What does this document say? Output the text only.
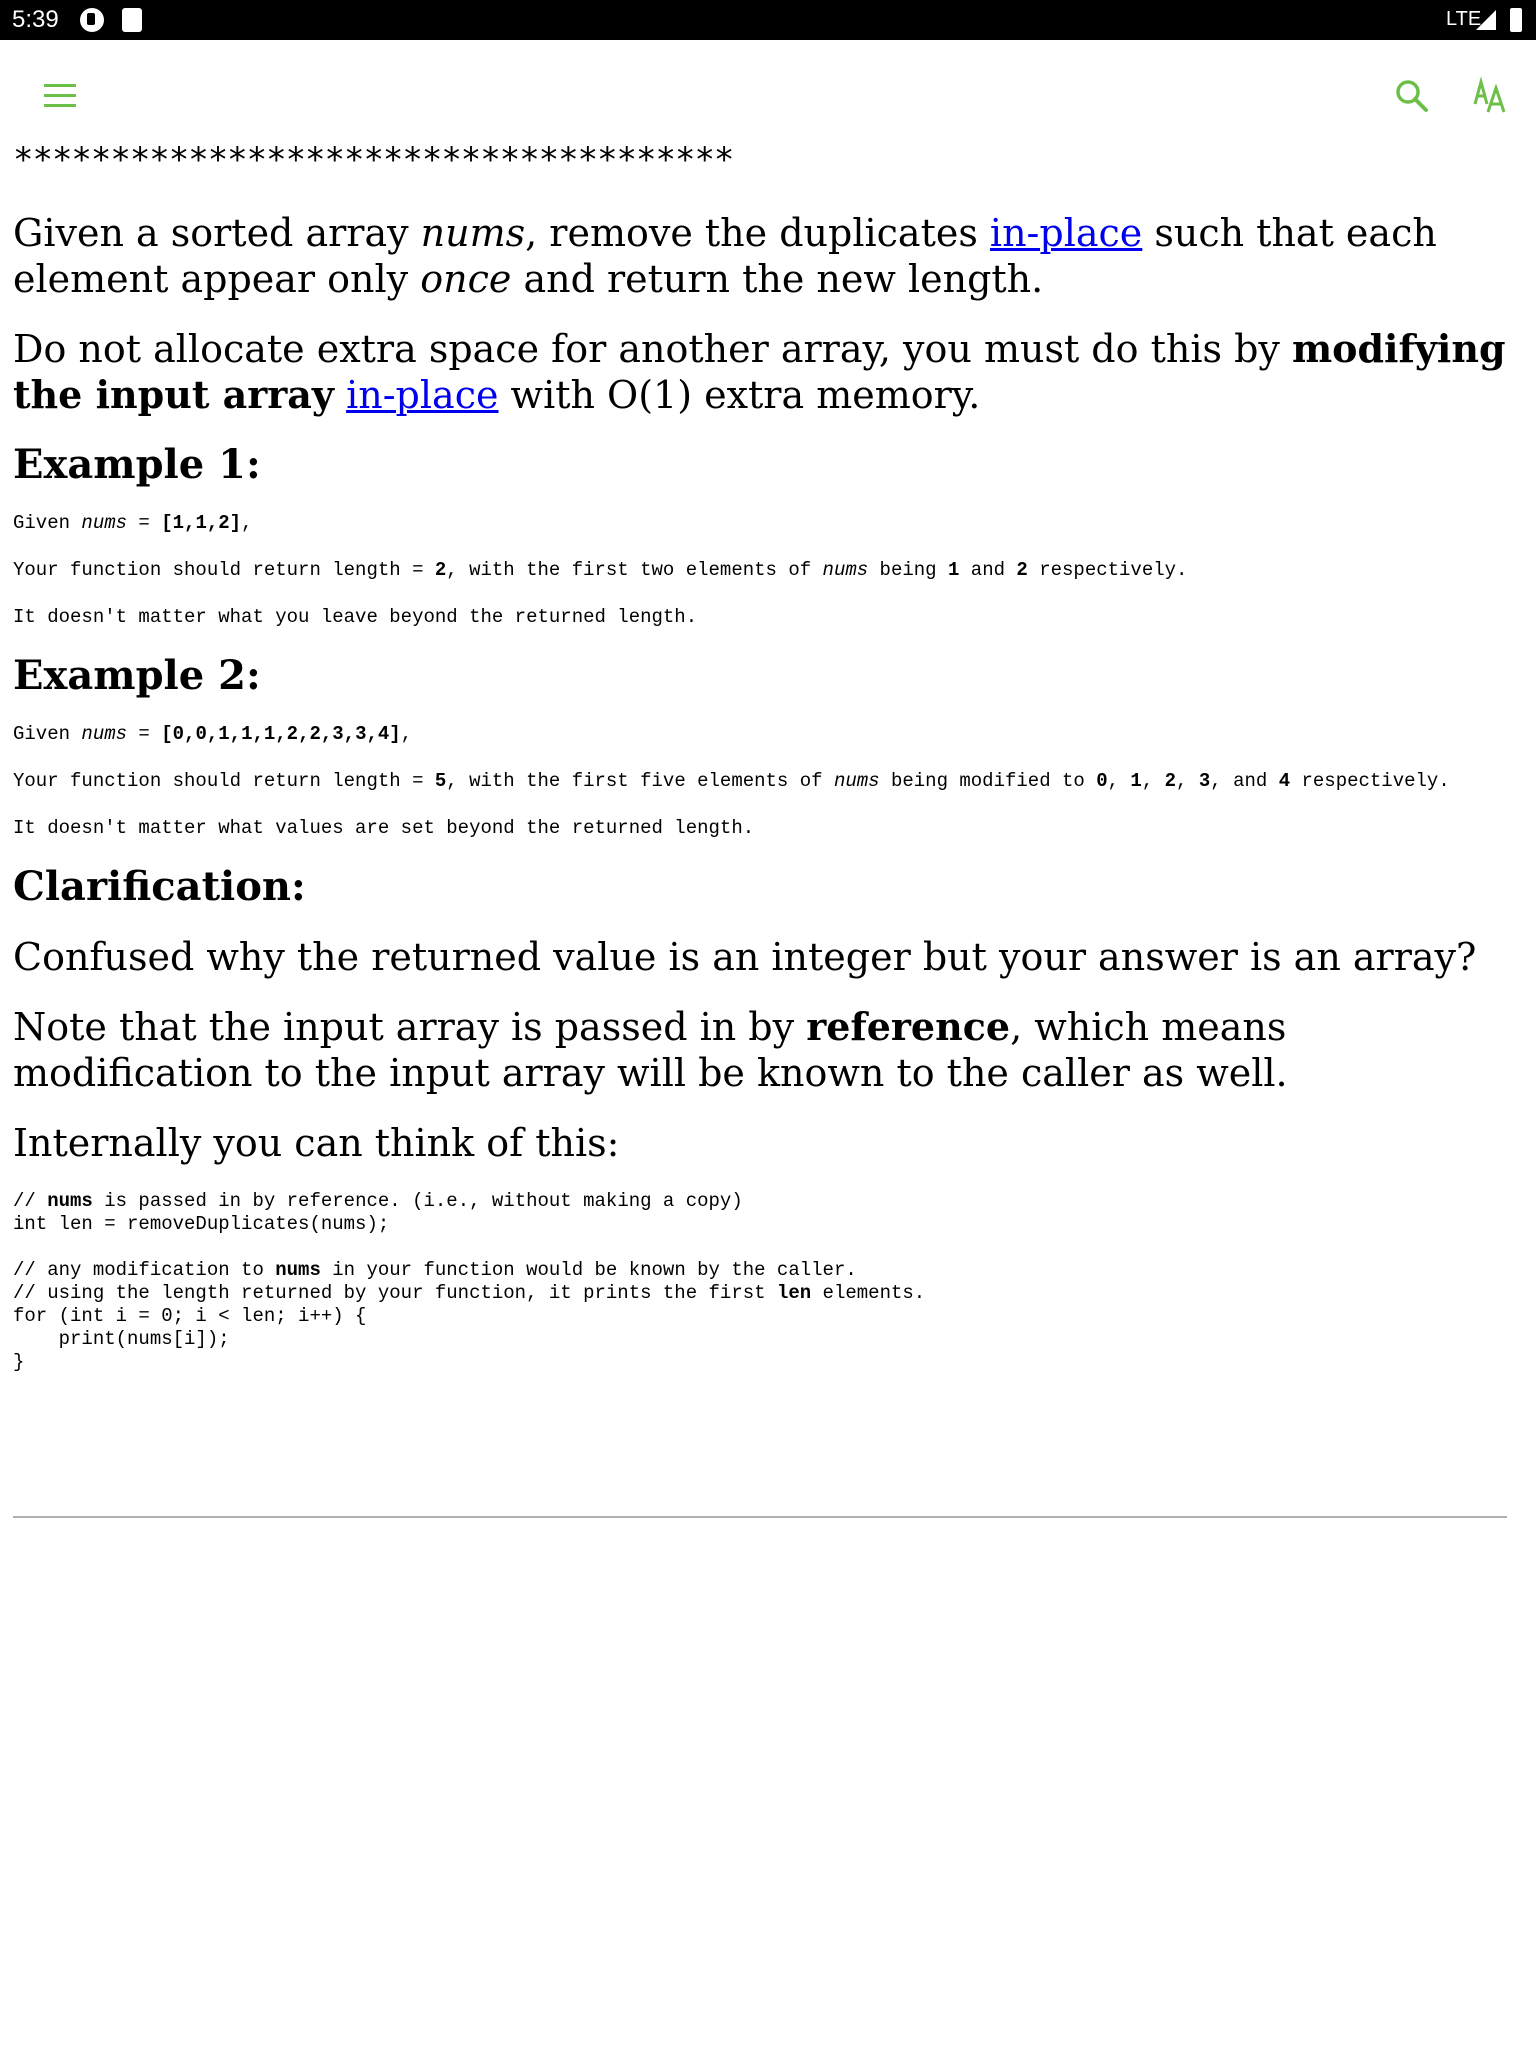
5:39	LTE
*************************************

Given a sorted array nums, remove the duplicates in-place such that each element appear only once and return the new length.

Do not allocate extra space for another array, you must do this by modifying the input array in-place with O(1) extra memory.

Example 1:
Given nums = [1,1,2],
Your function should return length = 2, with the first two elements of nums being 1 and 2 respectively.
It doesn't matter what you leave beyond the returned length.
Example 2:
Given nums = [0,0,1,1,1,2,2,3,3,4],
Your function should return length = 5, with the first five elements of nums being modified to 0, 1, 2, 3, and 4 respectively.
It doesn't matter what values are set beyond the returned length.
Clarification:

Confused why the returned value is an integer but your answer is an array?

Note that the input array is passed in by reference, which means modification to the input array will be known to the caller as well.

Internally you can think of this:

// nums is passed in by reference. (i.e., without making a copy)
int len = removeDuplicates(nums);

// any modification to nums in your function would be known by the caller.
// using the length returned by your function, it prints the first len elements.
for (int i = 0; i < len; i++) {
print(nums[i]);
}
